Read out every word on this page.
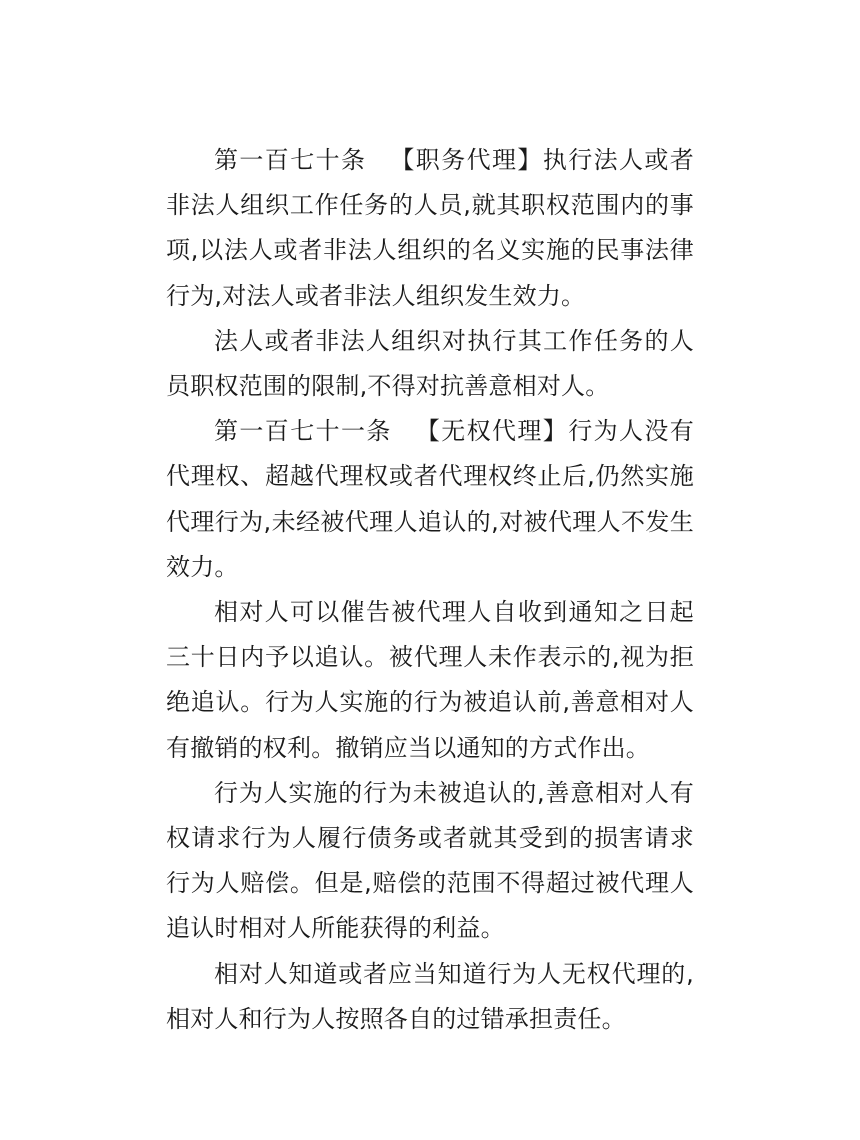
第一百七十条 【职务代理】执行法人或者非法人组织工作任务的人员,就其职权范围内的事项,以法人或者非法人组织的名义实施的民事法律行为,对法人或者非法人组织发生效力。

法人或者非法人组织对执行其工作任务的人员职权范围的限制,不得对抗善意相对人。

第一百七十一条 【无权代理】行为人没有代理权、超越代理权或者代理权终止后,仍然实施代理行为,未经被代理人追认的,对被代理人不发生效力。

相对人可以催告被代理人自收到通知之日起三十日内予以追认。被代理人未作表示的,视为拒绝追认。行为人实施的行为被追认前,善意相对人有撤销的权利。撤销应当以通知的方式作出。

行为人实施的行为未被追认的,善意相对人有权请求行为人履行债务或者就其受到的损害请求行为人赔偿。但是,赔偿的范围不得超过被代理人追认时相对人所能获得的利益。

相对人知道或者应当知道行为人无权代理的,相对人和行为人按照各自的过错承担责任。
